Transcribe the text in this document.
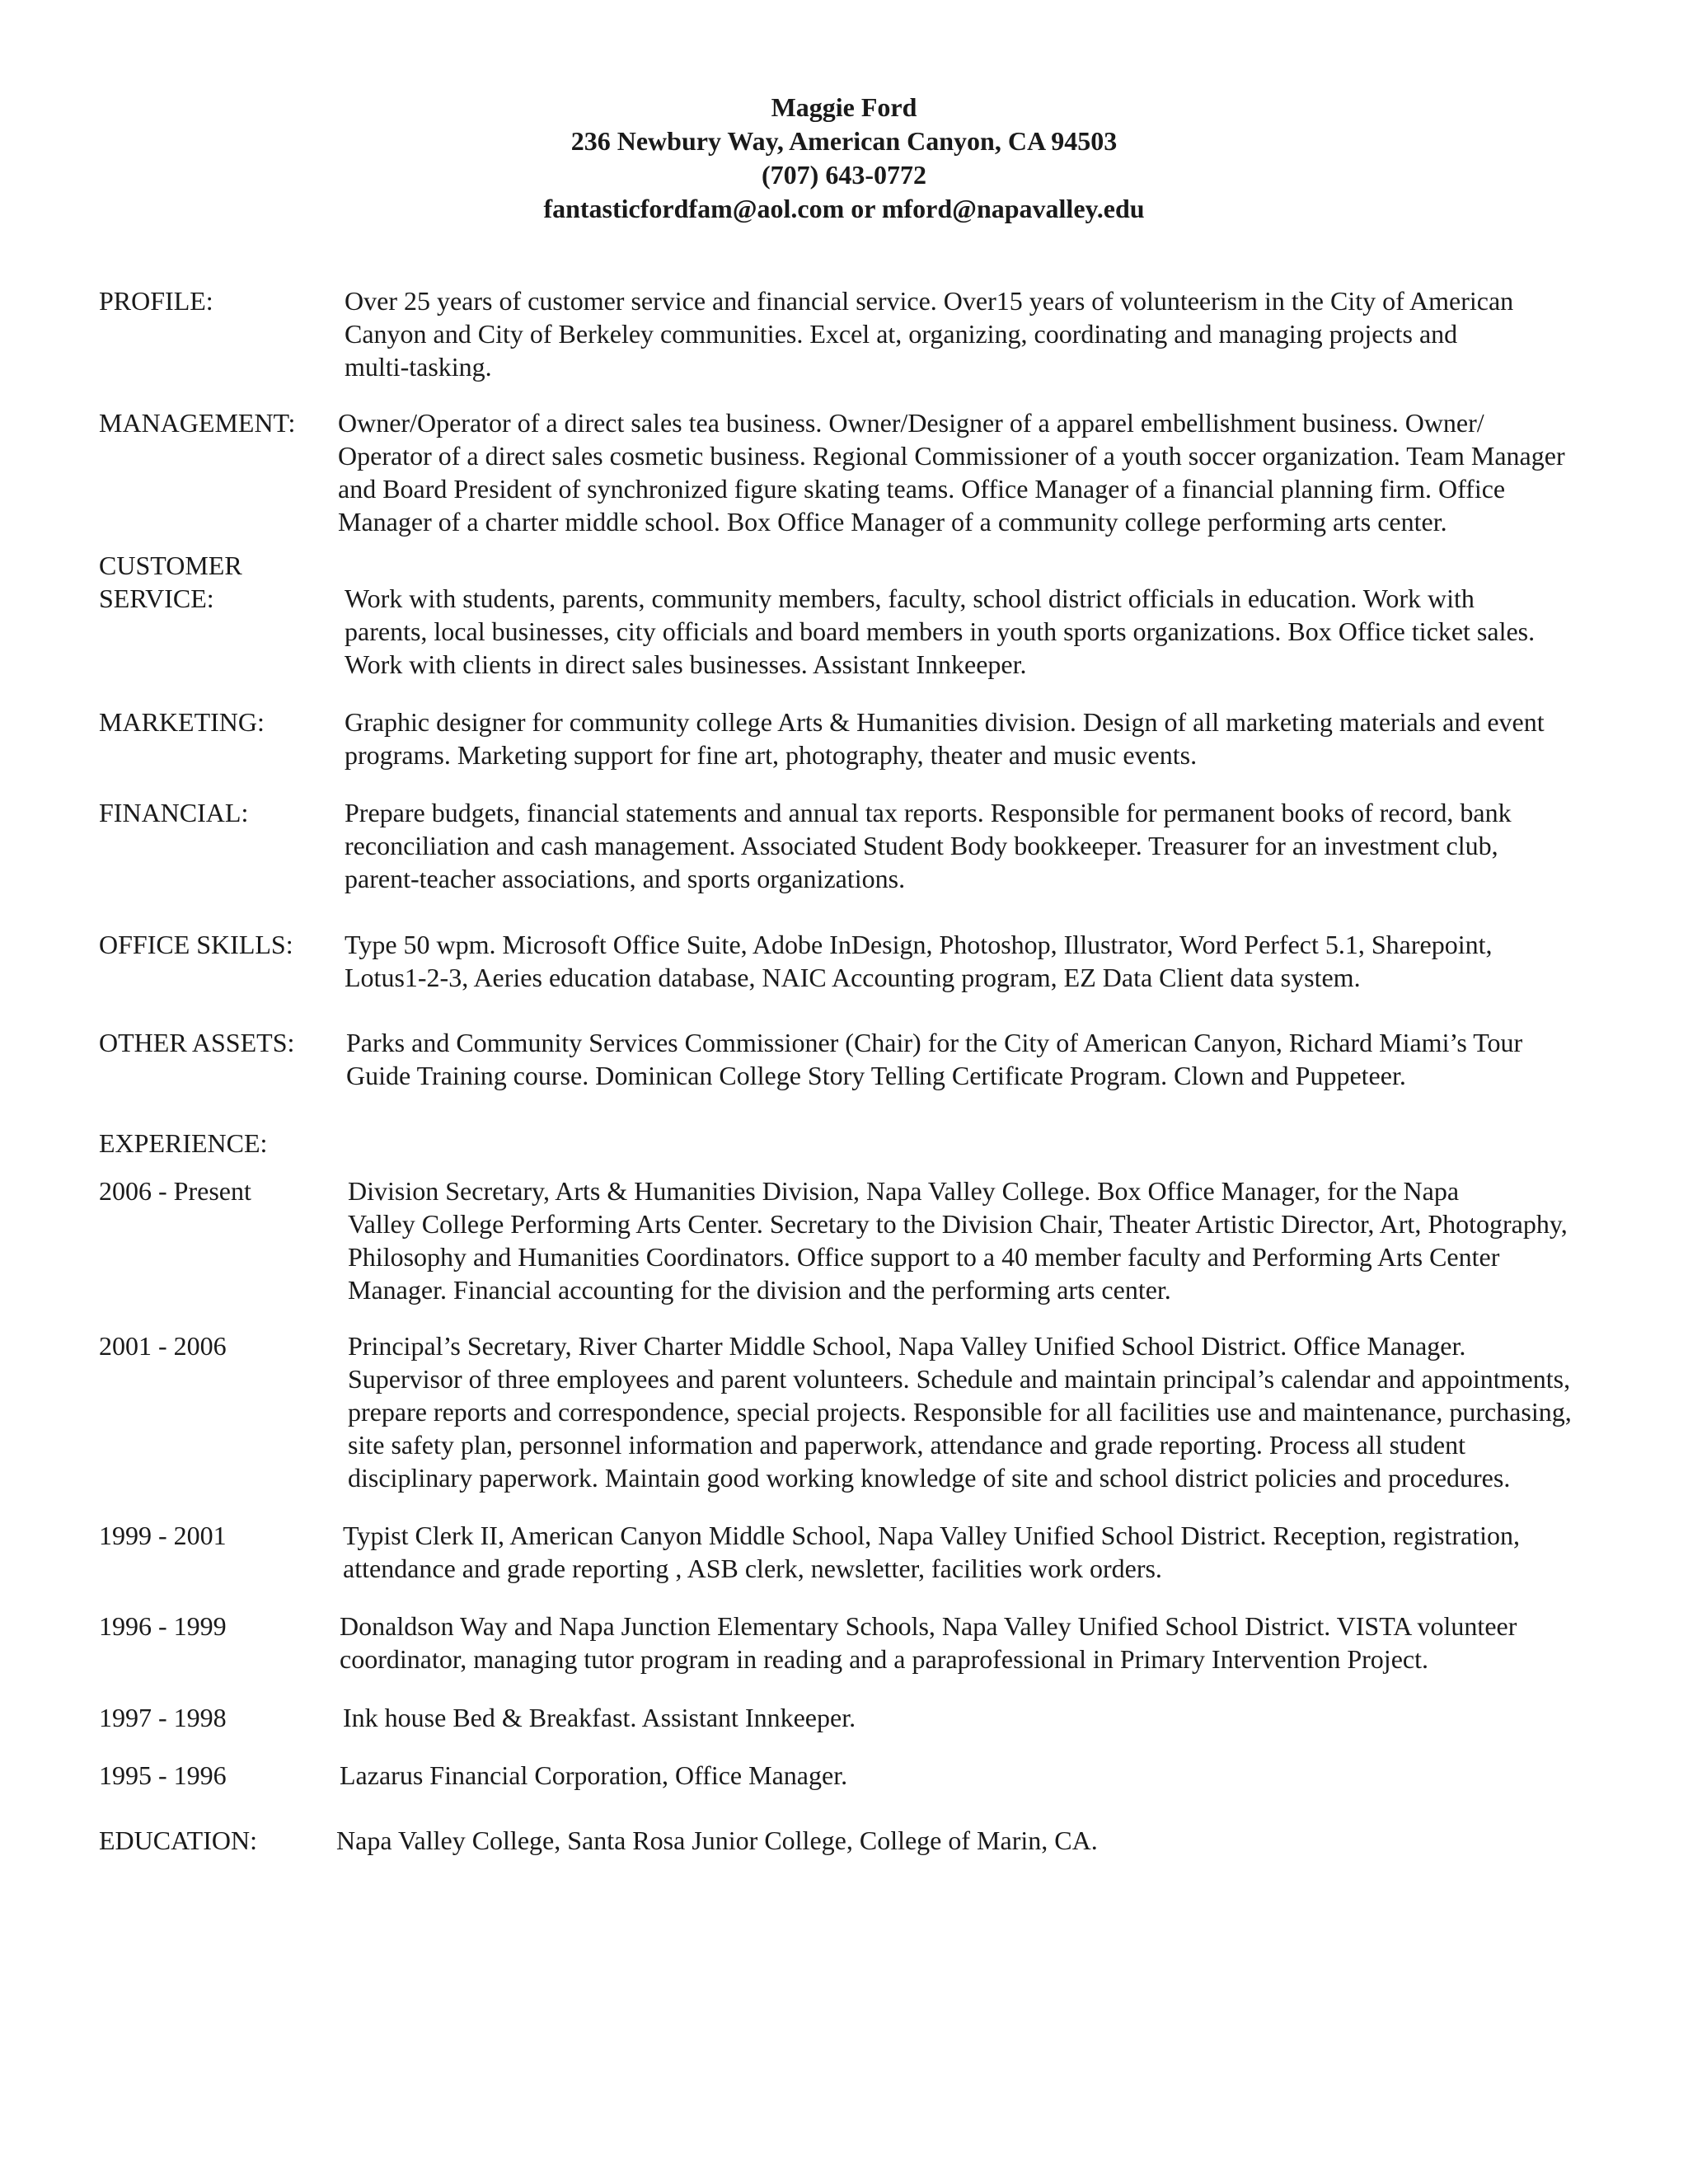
Maggie Ford
236 Newbury Way, American Canyon, CA 94503
(707) 643-0772
fantasticfordfam@aol.com or mford@napavalley.edu
PROFILE:	Over 25 years of customer service and financial service. Over15 years of volunteerism in the City of American
Canyon and City of Berkeley communities. Excel at, organizing, coordinating and managing projects and
multi-tasking.
MANAGEMENT: Owner/Operator of a direct sales tea business. Owner/Designer of a apparel embellishment business. Owner/
Operator of a direct sales cosmetic business. Regional Commissioner of a youth soccer organization. Team Manager
and Board President of synchronized figure skating teams. Office Manager of a financial planning firm. Office
Manager of a charter middle school. Box Office Manager of a community college performing arts center.
CUSTOMER
SERVICE:	Work with students, parents, community members, faculty, school district officials in education. Work with
parents, local businesses, city officials and board members in youth sports organizations. Box Office ticket sales.
Work with clients in direct sales businesses. Assistant Innkeeper.
MARKETING:	Graphic designer for community college Arts & Humanities division. Design of all marketing materials and event
programs. Marketing support for fine art, photography, theater and music events.
FINANCIAL:	Prepare budgets, financial statements and annual tax reports. Responsible for permanent books of record, bank
reconciliation and cash management. Associated Student Body bookkeeper. Treasurer for an investment club,
parent-teacher associations, and sports organizations.
OFFICE SKILLS: Type 50 wpm. Microsoft Office Suite, Adobe InDesign, Photoshop, Illustrator, Word Perfect 5.1, Sharepoint,
Lotus1-2-3, Aeries education database, NAIC Accounting program, EZ Data Client data system.
OTHER ASSETS: Parks and Community Services Commissioner (Chair) for the City of American Canyon, Richard Miami’s Tour
Guide Training course. Dominican College Story Telling Certificate Program. Clown and Puppeteer.
EXPERIENCE:
2006 - Present	Division Secretary, Arts & Humanities Division, Napa Valley College. Box Office Manager, for the Napa
Valley College Performing Arts Center. Secretary to the Division Chair, Theater Artistic Director, Art, Photography,
Philosophy and Humanities Coordinators. Office support to a 40 member faculty and Performing Arts Center
Manager. Financial accounting for the division and the performing arts center.
2001 - 2006	Principal’s Secretary, River Charter Middle School, Napa Valley Unified School District. Office Manager.
Supervisor of three employees and parent volunteers. Schedule and maintain principal’s calendar and appointments,
prepare reports and correspondence, special projects. Responsible for all facilities use and maintenance, purchasing,
site safety plan, personnel information and paperwork, attendance and grade reporting. Process all student
disciplinary paperwork. Maintain good working knowledge of site and school district policies and procedures.
1999 - 2001	Typist Clerk II, American Canyon Middle School, Napa Valley Unified School District. Reception, registration,
attendance and grade reporting , ASB clerk, newsletter, facilities work orders.
1996 - 1999	Donaldson Way and Napa Junction Elementary Schools, Napa Valley Unified School District. VISTA volunteer
coordinator, managing tutor program in reading and a paraprofessional in Primary Intervention Project.
1997 - 1998	Ink house Bed & Breakfast. Assistant Innkeeper.
1995 - 1996	Lazarus Financial Corporation, Office Manager.
EDUCATION:	Napa Valley College, Santa Rosa Junior College, College of Marin, CA.
